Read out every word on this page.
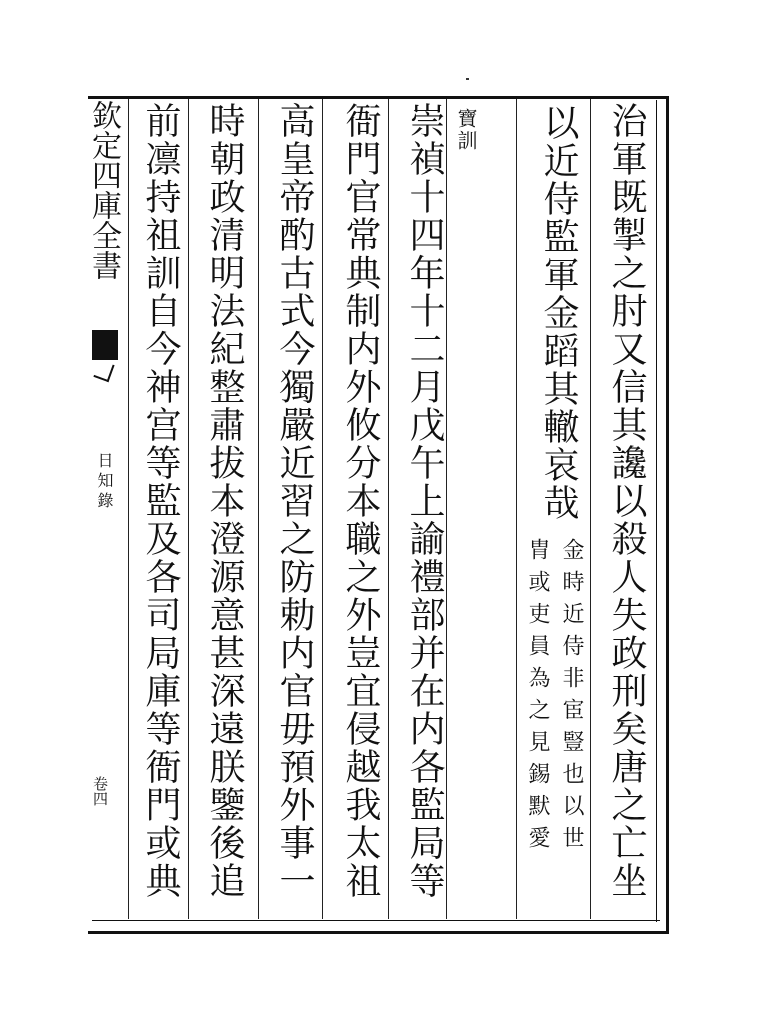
欽定四庫全書
日知錄
卷四	治軍既掣之肘又信其讒以殺人失政刑矣唐之亡坐
以近侍監軍金蹈其轍哀哉
金時近侍非宦豎也以世
胄或吏員為之見錫默愛
寶訓
崇禎十四年十二月戊午上諭禮部并在内各監局等
衙門官常典制内外攸分本職之外豈宜侵越我太祖
高皇帝酌古式今獨嚴近習之防勅内官毋預外事一
時朝政清明法紀整肅拔本澄源意甚深遠朕鑒後追
前凛持祖訓自今神宫等監及各司局庫等衙門或典
